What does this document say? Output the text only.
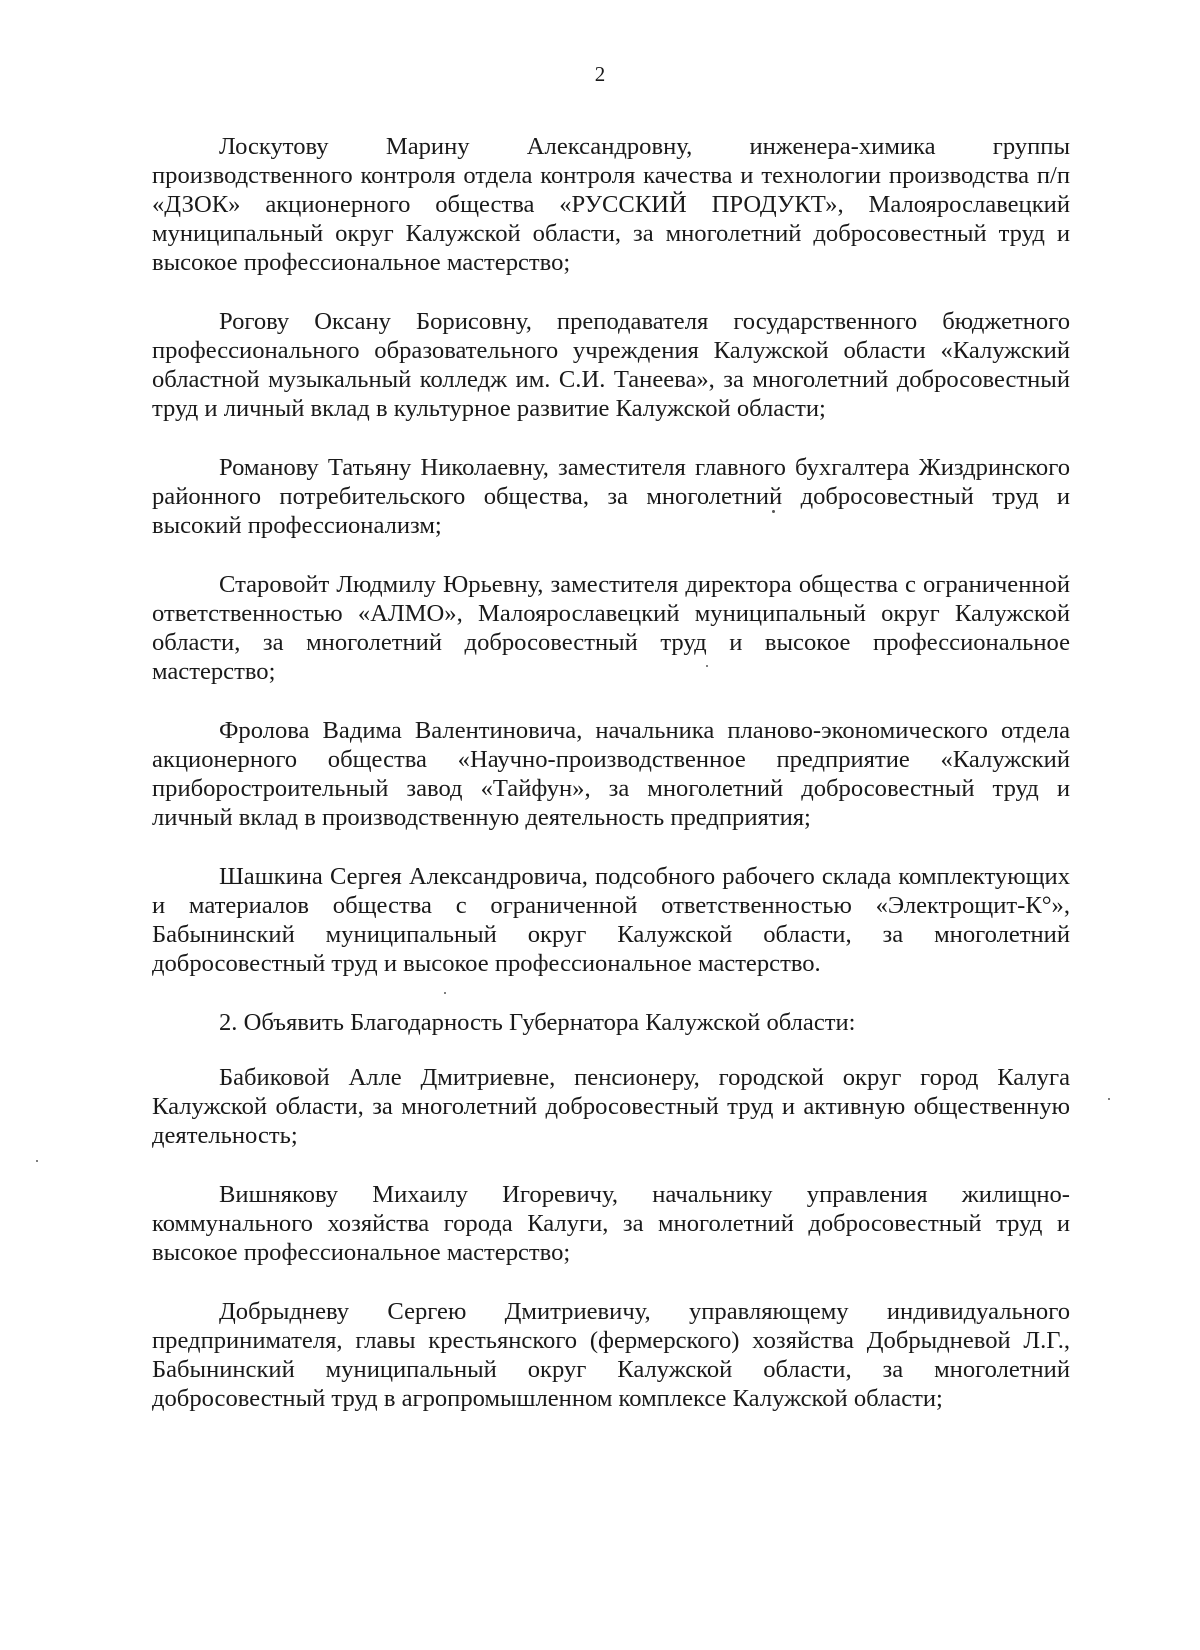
2

Лоскутову Марину Александровну, инженера-химика группы производственного контроля отдела контроля качества и технологии производства п/п «ДЗОК» акционерного общества «РУССКИЙ ПРОДУКТ», Малоярославецкий муниципальный округ Калужской области, за многолетний добросовестный труд и высокое профессиональное мастерство;

Рогову Оксану Борисовну, преподавателя государственного бюджетного профессионального образовательного учреждения Калужской области «Калужский областной музыкальный колледж им. С.И. Танеева», за многолетний добросовестный труд и личный вклад в культурное развитие Калужской области;

Романову Татьяну Николаевну, заместителя главного бухгалтера Жиздринского районного потребительского общества, за многолетний добросовестный труд и высокий профессионализм;

Старовойт Людмилу Юрьевну, заместителя директора общества с ограниченной ответственностью «АЛМО», Малоярославецкий муниципальный округ Калужской области, за многолетний добросовестный труд и высокое профессиональное мастерство;

Фролова Вадима Валентиновича, начальника планово-экономического отдела акционерного общества «Научно-производственное предприятие «Калужский приборостроительный завод «Тайфун», за многолетний добросовестный труд и личный вклад в производственную деятельность предприятия;

Шашкина Сергея Александровича, подсобного рабочего склада комплектующих и материалов общества с ограниченной ответственностью «Электрощит-К°», Бабынинский муниципальный округ Калужской области, за многолетний добросовестный труд и высокое профессиональное мастерство.

2. Объявить Благодарность Губернатора Калужской области:

Бабиковой Алле Дмитриевне, пенсионеру, городской округ город Калуга Калужской области, за многолетний добросовестный труд и активную общественную деятельность;

Вишнякову Михаилу Игоревичу, начальнику управления жилищно-коммунального хозяйства города Калуги, за многолетний добросовестный труд и высокое профессиональное мастерство;

Добрыдневу Сергею Дмитриевичу, управляющему индивидуального предпринимателя, главы крестьянского (фермерского) хозяйства Добрыдневой Л.Г., Бабынинский муниципальный округ Калужской области, за многолетний добросовестный труд в агропромышленном комплексе Калужской области;
